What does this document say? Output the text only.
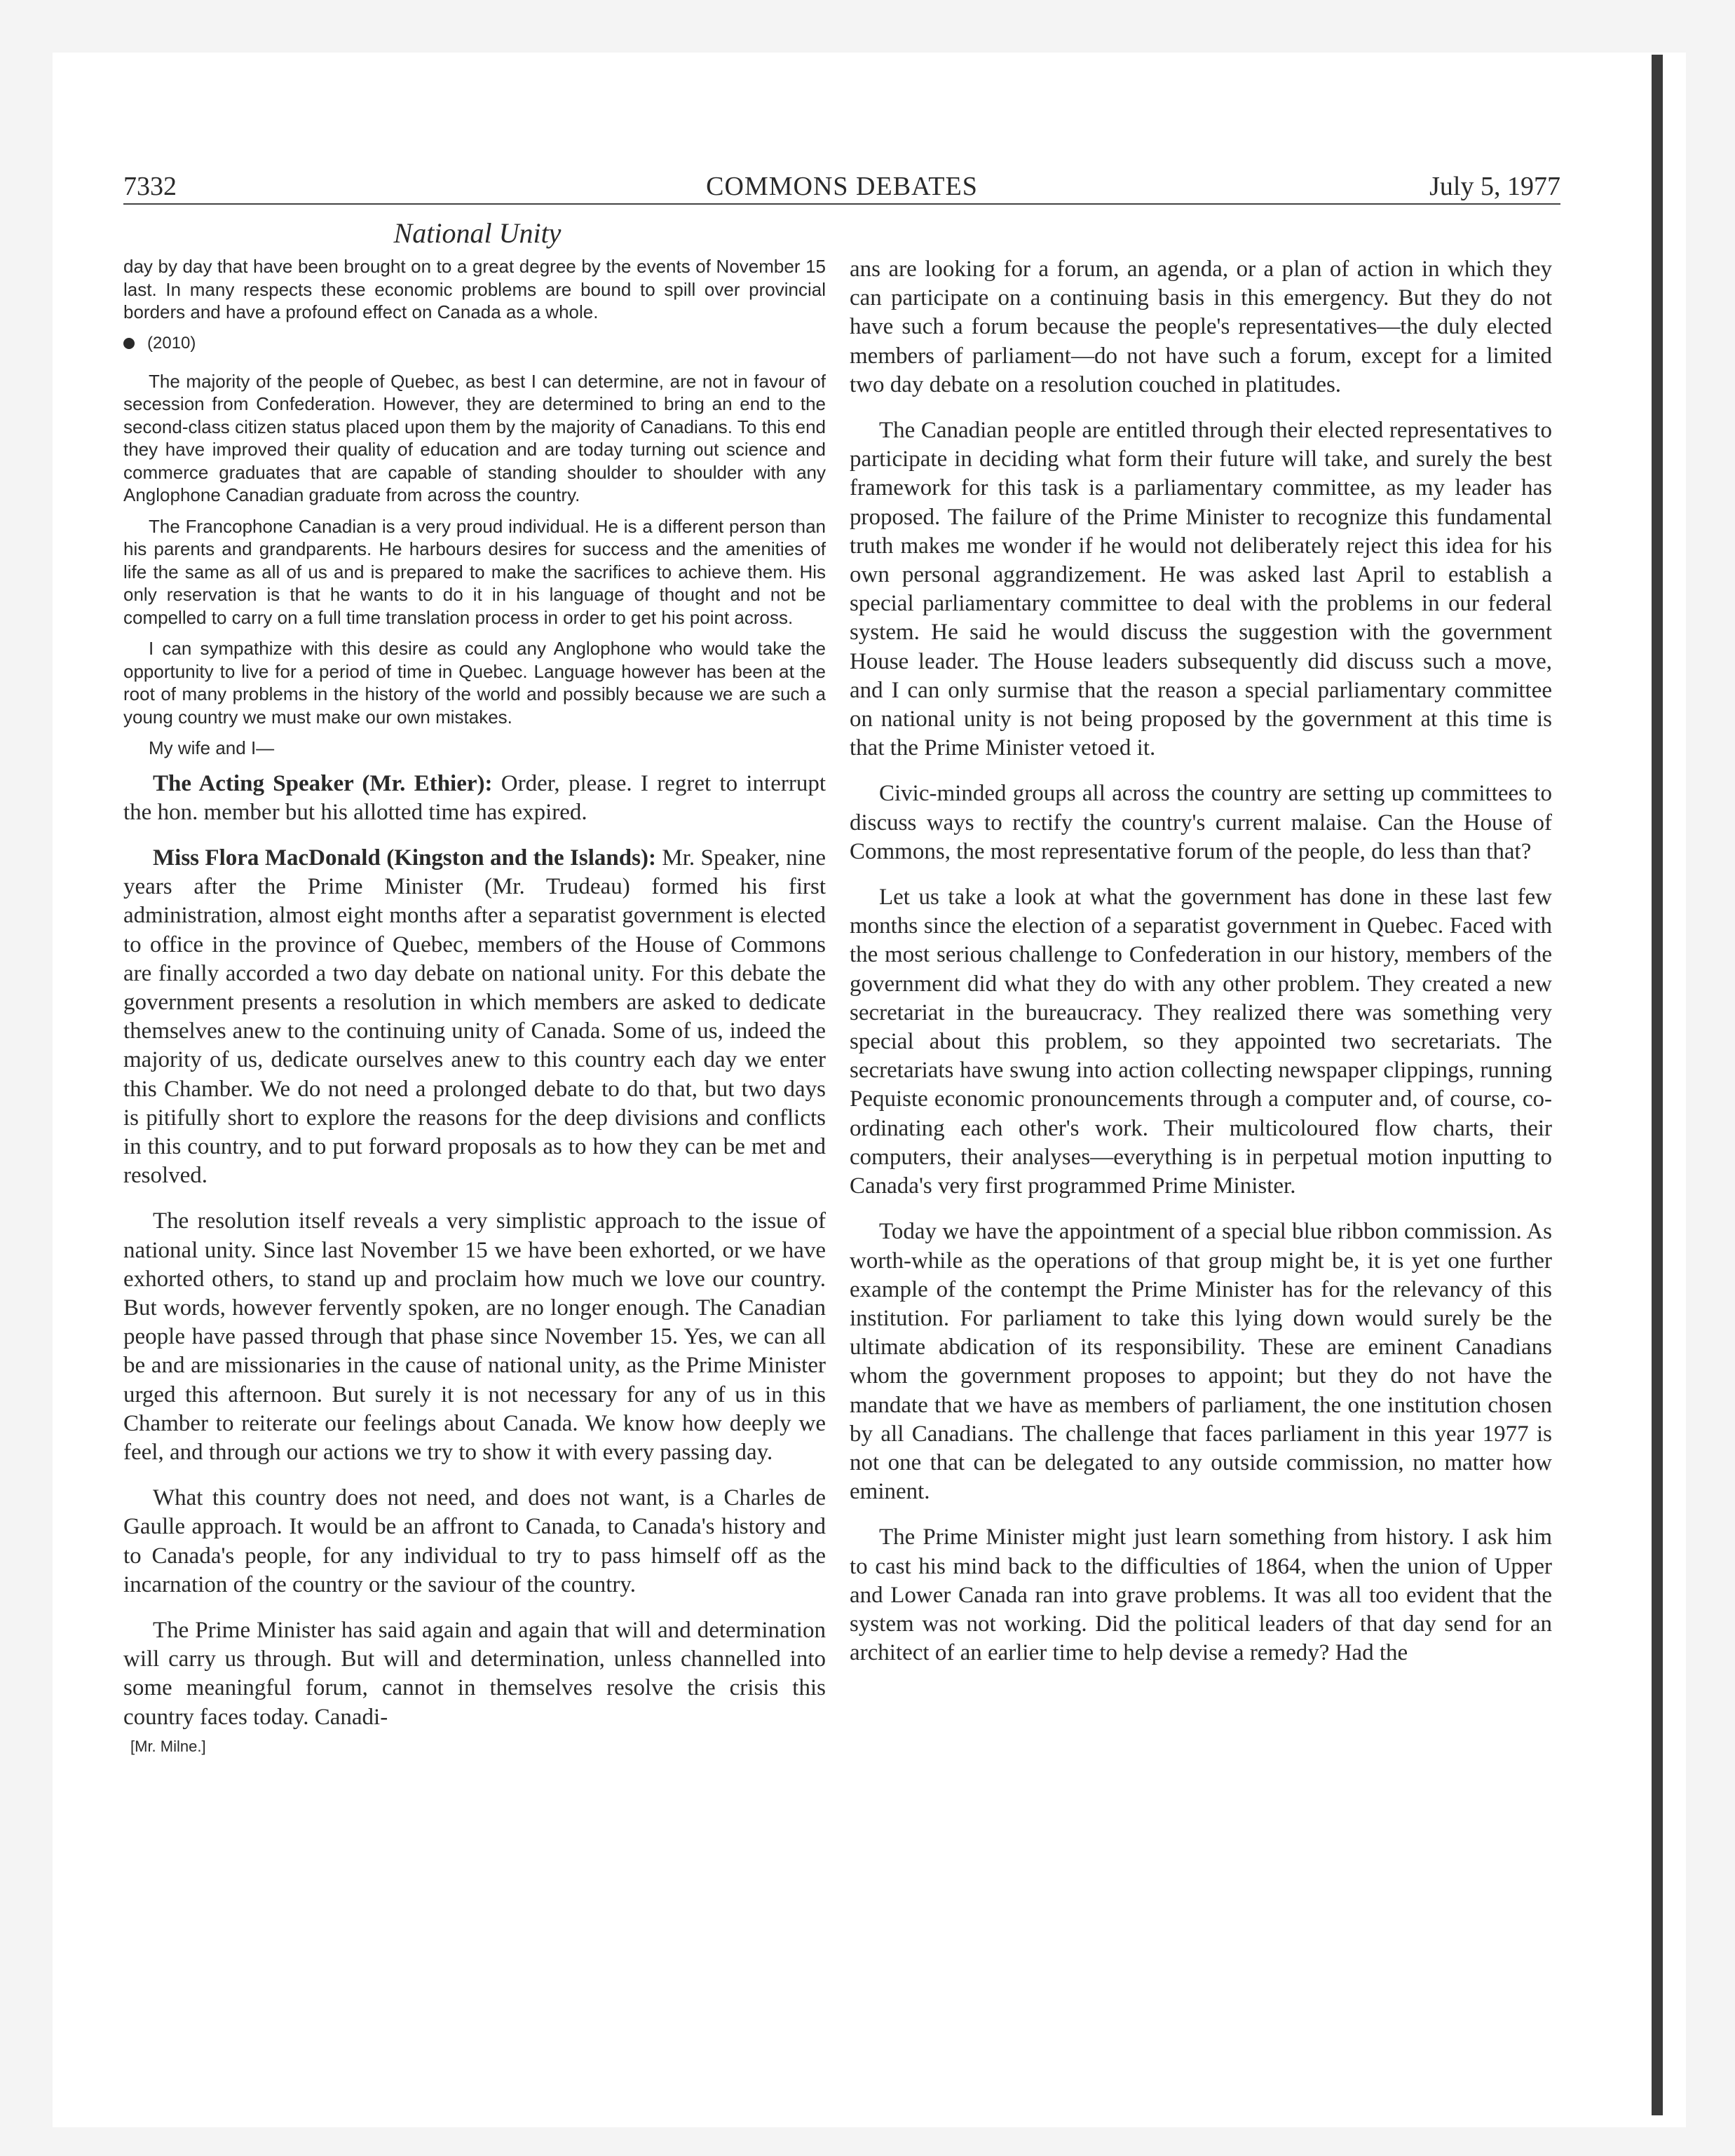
7332	COMMONS DEBATES	July 5, 1977
National Unity

day by day that have been brought on to a great degree by the events of November 15 last. In many respects these economic problems are bound to spill over provincial borders and have a profound effect on Canada as a whole.

(2010)

The majority of the people of Quebec, as best I can determine, are not in favour of secession from Confederation. However, they are determined to bring an end to the second-class citizen status placed upon them by the majority of Canadians. To this end they have improved their quality of education and are today turning out science and commerce graduates that are capable of standing shoulder to shoulder with any Anglophone Canadian graduate from across the country.

The Francophone Canadian is a very proud individual. He is a different person than his parents and grandparents. He harbours desires for success and the amenities of life the same as all of us and is prepared to make the sacrifices to achieve them. His only reservation is that he wants to do it in his language of thought and not be compelled to carry on a full time translation process in order to get his point across.

I can sympathize with this desire as could any Anglophone who would take the opportunity to live for a period of time in Quebec. Language however has been at the root of many problems in the history of the world and possibly because we are such a young country we must make our own mistakes.

My wife and I—

The Acting Speaker (Mr. Ethier): Order, please. I regret to interrupt the hon. member but his allotted time has expired.

Miss Flora MacDonald (Kingston and the Islands): Mr. Speaker, nine years after the Prime Minister (Mr. Trudeau) formed his first administration, almost eight months after a separatist government is elected to office in the province of Quebec, members of the House of Commons are finally accorded a two day debate on national unity. For this debate the government presents a resolution in which members are asked to dedicate themselves anew to the continuing unity of Canada. Some of us, indeed the majority of us, dedicate ourselves anew to this country each day we enter this Chamber. We do not need a prolonged debate to do that, but two days is pitifully short to explore the reasons for the deep divisions and conflicts in this country, and to put forward proposals as to how they can be met and resolved.

The resolution itself reveals a very simplistic approach to the issue of national unity. Since last November 15 we have been exhorted, or we have exhorted others, to stand up and proclaim how much we love our country. But words, however fervently spoken, are no longer enough. The Canadian people have passed through that phase since November 15. Yes, we can all be and are missionaries in the cause of national unity, as the Prime Minister urged this afternoon. But surely it is not necessary for any of us in this Chamber to reiterate our feelings about Canada. We know how deeply we feel, and through our actions we try to show it with every passing day.

What this country does not need, and does not want, is a Charles de Gaulle approach. It would be an affront to Canada, to Canada's history and to Canada's people, for any individual to try to pass himself off as the incarnation of the country or the saviour of the country.

The Prime Minister has said again and again that will and determination will carry us through. But will and determination, unless channelled into some meaningful forum, cannot in themselves resolve the crisis this country faces today. Canadi-

[Mr. Milne.]

ans are looking for a forum, an agenda, or a plan of action in which they can participate on a continuing basis in this emergency. But they do not have such a forum because the people's representatives—the duly elected members of parliament—do not have such a forum, except for a limited two day debate on a resolution couched in platitudes.

The Canadian people are entitled through their elected representatives to participate in deciding what form their future will take, and surely the best framework for this task is a parliamentary committee, as my leader has proposed. The failure of the Prime Minister to recognize this fundamental truth makes me wonder if he would not deliberately reject this idea for his own personal aggrandizement. He was asked last April to establish a special parliamentary committee to deal with the problems in our federal system. He said he would discuss the suggestion with the government House leader. The House leaders subsequently did discuss such a move, and I can only surmise that the reason a special parliamentary committee on national unity is not being proposed by the government at this time is that the Prime Minister vetoed it.

Civic-minded groups all across the country are setting up committees to discuss ways to rectify the country's current malaise. Can the House of Commons, the most representative forum of the people, do less than that?

Let us take a look at what the government has done in these last few months since the election of a separatist government in Quebec. Faced with the most serious challenge to Confederation in our history, members of the government did what they do with any other problem. They created a new secretariat in the bureaucracy. They realized there was something very special about this problem, so they appointed two secretariats. The secretariats have swung into action collecting newspaper clippings, running Pequiste economic pronouncements through a computer and, of course, co-ordinating each other's work. Their multicoloured flow charts, their computers, their analyses—everything is in perpetual motion inputting to Canada's very first programmed Prime Minister.

Today we have the appointment of a special blue ribbon commission. As worth-while as the operations of that group might be, it is yet one further example of the contempt the Prime Minister has for the relevancy of this institution. For parliament to take this lying down would surely be the ultimate abdication of its responsibility. These are eminent Canadians whom the government proposes to appoint; but they do not have the mandate that we have as members of parliament, the one institution chosen by all Canadians. The challenge that faces parliament in this year 1977 is not one that can be delegated to any outside commission, no matter how eminent.

The Prime Minister might just learn something from history. I ask him to cast his mind back to the difficulties of 1864, when the union of Upper and Lower Canada ran into grave problems. It was all too evident that the system was not working. Did the political leaders of that day send for an architect of an earlier time to help devise a remedy? Had the
